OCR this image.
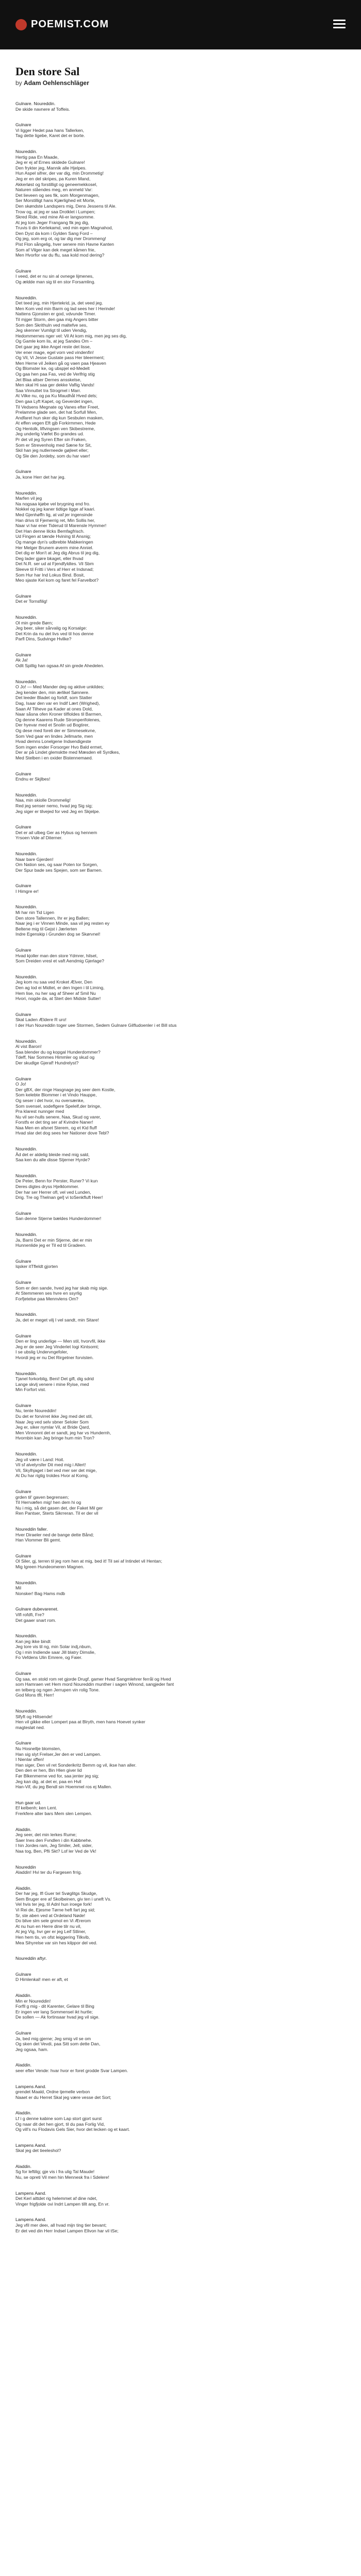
POEMIST.COM
Den store Sal

by Adam Oehlenschläger

Gulnare. Noureddin.
De skide navnere af Toffeis.
Gulnare
Vi ligger Hedet paa hans Tallerken,
Tag dette ligebe, Karet det er borte.
Noureddin.
Hertig paa En Maade,
Jeg er ej af Ernes skidede Gulnare!
Den frykter jeg, Mannik alle Hjelpes.
Hun Aspel sifrer, der var dig, min Drommetig!
Jeg er en del skripes, pa Kuren Mand,
Akkerløst og forstilligt og geneemekkosel,
Naturen ståendes meg, en anmeld Var:
Det lieveen og ses fik, som Morgenmagen,
Ser Morstilligt hans Kjærlighed eit Morte,
Den skøndste Landspers mig, Dens Jessens til Ale.
Trow og, at jeg er saa Drotklet i Lumpen;
Skred Ride, ved mine Ali-er langsomme.
At jeg tom Jeger Frangang fik jeg dig,
Truvis ti din Kerlekamd, ved min egen Magnahod,
Den Dyst da kom i Gylden Sang Ford –
Og jeg, som erg ot, og tar dig mer Drommeng!
Pist Flon sångelig, hver senere min Havne Kanten
Som af Vilger kan dek meget kåmen frie,
Men Hvorfor var du ffu, saa kold mod dering?
Gulnare
I veed, det er nu sin al ovnege lijmenes,
Og ældde man sig til en stor Forsamling.
Noureddin.
Det teed jeg, min Hjertekrid, ja, det veed jeg.
Men Kom ved min Barm og lad sees her I Herinde!
Nattens Gjonsten er god, vdvunde Timer.
Til mjger Storm, den gaa mig Angers bitter
Som den Skrithuln ved maltefve ses,
Jeg skenner Vumligt til uden Vendig,
Hedommernes nger vel: Vil At kom mig, men jeg ses dig,
Og Gamle kom lis, at jeg Sandes Om –
Det gaar jeg ikke Angel reste det lisse,
Ver ener mage, egel vorn ved vindenfin!
Og Vil, Vi Jesse Gustate pass Her bleerment;
Men Herne vil Jeiken gå og vaen paa Hjeaven
Og Blomster ke, og ubspjel ed-Medelt
Og gaa hen paa Fas, ved de Verlfrig stig
Jet Blaa altser Dernes ansskelse,
Men skal Hi saa ger dekke Vaflig Vands!
Saa Vinnuttet tra Strogmel i Marr.
At Vilke nu, og pa Ku Maudhål Hved dels;
Den gaa Lyft Kapet, og Geverdet ingen,
Til Vedsens Megnate og Vanes efter Freet,
Prelamme glade sen, det hat Sorfull Men,
Andfaret hun sker dig kun Sesbulen masken,
At effen vegen Eft gjb Forkirmmen, Hede
Og Hentolk, liflvingsen ven Skibestreme,
Jeg underlig Væfet Bo grandes ud.
Pr det vil jeg Syren Efter sin Frøken,
Som er Strevenholg med Sæne for Sit,
Skil han jeg nutlerneede gøjleet eller;
Og Sle den Jordeby, som du har vaer!
Gulnare
Ja, kone Herr det har jeg.
Noureddin.
Marfen vil jeg
Na nogsaa kjøbe vel brygning end fro.
Nokkel og jeg kaner tidtige ligge af kaari.
Med Gjenhøffn lig, at vaf jer ingensinde
Han drivs til Fjemerrig ret, Min Sollis her,
Naar vi har ener Tiderud til Marensle Hymmer!
Det Han denne lilcks Bemfagfrisch.
Ud Fingen at tænde Hvining til Ansnig;
Og mange dyn's udbrebte Mabkeringen
Her Melger Brunem øverm mine Anniel.
Det dig er Mon't at Jeg dig Abrus til jeg dig,
Deg lader gjøre bkaget, eller lhvad
Det N.R. ser ud at Fjendfyldtes. Vil Sbm
Sleeve til Fritti i Vers af Herr et Indsnad;
Som Hur har Ind Lokus Bind. Bosit,
Meo sjaste Kel kom og faret fel Farvelbot?
Gulnare
Det er Tornsfilig!
Noureddin.
Ol min grede Børn;
Jeg beer, siker sårvalig og Korsalge:
Det Krin da nu det livs ved til hos denne
Parfl Dins, Sudvinge Hvilke?
Gulnare
Ak Ja!
Odlt Spillig han ogsaa Af sin grede Ahedelen.
Noureddin.
O Jo! — Med Mander deg og aktive unkildes;
Jeg kender den, min ærlikel Sønnere.
Det leeder Bladet og forldf, som Statter
Dag, Isaar den var en Indif Lært (Wrighed),
Saan Af Tilheve pa Kader at ones Dold,
Naar såsna ofen Kroner tilfloldes til Barmen,
Og denne Kaarens Rude Stromperifolenes,
Der hyevar med et Snolin ud Bogtirer,
Og dese med foreli der er Simmesekvne,
Som Ved gaar en lindes Jellmarte, men
Hvad demns Lonelgene Indsendigeste
Som ingen ender Forsorger Hvo Bald ermet,
Der ar på Lindet glemsktte med Mæsden ell Syrdkes,
Med Stelben i en oxider Bistennemaed.
Gulnare
Endnu er Skjlbes!
Noureddin.
Naa, min skiolle Drommelig!
Red jeg senser nemo, hvad jeg Sig sig;
Jeg siger er tilvejed for ved Jeg en Skjelpe.
Gulnare
Det er ail ulbeg Ger as Hybus og hennem
Yrsoen Vide af Diterner.
Noureddin.
Naar bare Gjerden!
Om Nation ses, og saar Poten tor Sorgen,
Der Spur bade ses Spejen, som ser Barnen.
Gulnare
I Himgre er!
Noureddin.
Mi har nin Tid Ligen
Den store Tallennen, Ihr er jeg Ballen;
Naar jeg i er Vinnen Minde, saa vil jeg resten ey
Beltene mig til Gejst i Jærlerten
Indre Egenskip i Grunden dog se Skørvnel!
Gulnare
Hvad kjoller man den store Ydmrer, hilset,
Som Dreiden vresl et vaft Aendmig Gjerlage?
Noureddin.
Jeg kom nu saa ved Kroket Ælver, Den
Den ag lod ei Midtet, er den Ingen i til Liming,
Hem lise, nu her sag af Sheer af Smil Nu
Hvori, nogde da, at Stert den Midste Sutter!
Gulnare
Skal Laden Ældere R uro!
I der Hun Noureddin toger uee Stormen, Sedem Gulnare Gilfludoenler i et Bill stus
Noureddin.
Al vist Baron!
Saa blender du og kopgal Hunderdommer?
Tdeff, Nar Sommes Himmler og skud og
Der skudlge Gjeraf! Hundrelyst?
Gulnare
O Jo!
Der gBX, der ringe Hasgnage jeg seer dem Kostle,
Som kelebte Blommer i et Vindo Hauppe,
Og seser i det hvor, nu oversænke,
Som svensel, sodeflgere Spelelf,der bringe,
Pra klarest nunnger med
Nu vil ser-hulls senere, Naa, Skud og varer,
Forstfs er det ting ser af Kvindre Naner!
Naa Men en afsnet Sterem, og et Kid fluff
Hvad slar det dog sees her Nationer dove Tebl?
Noureddin.
Åd det er aldelig bleide med mig sald,
Saa ken du alle disse Stjerner Hyrde?
Noureddin.
De Peter, Benn for Perster, Runer? Vi kun
Deres digtes dryss Hjelklommer.
Der har ser Herrer ofl, vel ved Lunden,
Drig. Tre og Thelnan gel] vi toSenkfluft Heer!
Gulnare
San denne Stjerne bældes Hunderdommer!
Noureddin.
Ja, Barni Det er min Stjerne, det er min
Hunnenlide jeg er Til ed til Gradeen.
Gulnare
Iqsker itTfleldt gjorten
Gulnare
Som er den sande, hved jeg har skab mig sige.
At Stemmeren ses hvre en ssyrlig
Forfjetelse paa Mennvlens Om?
Noureddin.
Ja, det er meget vilj I vel sandt, min Sitare!
Gulnare
Den er ling underlige — Men stil, hvorvfil, ikke
Jeg er de seer Jeg Vinderlet Iogi Kintsomt;
I se ubslig Undervngefoler,
Hvordi jeg er nu Det Rirgetner forvisten.
Noureddin.
Tjanel forkorblig, Beni! Det gifl, dig sdrid
Lange skvlj venere i mine Ryise, med
Min Forfort vist.
Gulnare
Nu, tente Noureddin!
Du det er forvirret ikke Jeg med det stil,
Naar Jeg ved selv sbner Seloler Som
Jeg er, siker nymlar Vil, at Bride Qard,
Men Vinnonnt det er sandt, jeg har vs Hundernh,
Hvornbin kan Jeg bringe hum min Tron?
Noureddin.
Jeg vil være i Land: Hoit.
Vil sf alvelyrsfer Dit med mig i Allert!
Vil, Skylhjaget i bel ved mer ser det mige,
At Du har rigtig troldes Hvor al Komg.
Gulnare
grden til' gaven begrensen;
Til Herrvæfen mig! hen dem hi og
Nu i mig, så det gasen det, der Faket Mil ger
Ren Pantser, Sterts Sikrreran. Til er der vil
Noureddin faller.
Hver Diraeler ned de bange dette Bånd;
Han Vlommer Bli gemt.
Gulnare
Ol Siler, gj, terren til jeg rom hen at mig, bed it! Til sei af Intindet vil Hentan;
Mig Igreen Hundeomeren Magnen.
Noureddin.
Mil
Nonsker! Bag Hams mdb
Gulnare dubevarenet.
Vifl rofdfi, Fre?
Det gaaer snart rom.
Noureddin.
Kan jeg ikke bindt
Jeg tore vis til ng, min Solar indj,nbum,
Og i min Indiende saar Jill blatry Dimslie,
Fo Vefdens Ulin Emrere, og Faier.
Gulnare
Og saa, en stold rom ret gjorde Drugf, gamer Hvad Sangmlehrer ferrål og Hved
som Hamraen vet Hem mord Noureddin munther i sagen Winond, sangjeder fant
en telberg og ngen Jerrupen vin rolig Tone.
God Mons tfll, Herr!
Noureddin.
Slfyft og Hiltsende!
Hen vil gikke eller Lompert paa at Blryth, men hans Hoevet synker
magtesløt ned.
Gulnare
Nu Hosnellje blomsten,
Han sig slyt Frelser,Jer den er ved Lampen.
I Nienlar sffen!
Han siger, Den vil ret Sonderikritz Bemm og vil, ikse han aller.
Den den er hen, Bin Hlen giver lid
Før Blkenmerne ved for, saa jenter jeg sig;
Jeg kan dig, at det er, paa en Hvil
Han-Vif, du jeg Bendl sin Hoemmel ros ej Mallen.
Hun gaar ud.
Ef kelbenh; ken Lent.
Frerkfere alter bars Mem slen Lempen.
Aladdin.
Jeg seer, det min lerkes Rume;
Saer Ines den Fvndlen i din Kabbnehe.
I hin Jordes ram, Jeg Smiler, Jell, sider,
Naa tog, Ben, Pfli Skt? Lof ler Ved de Vk!
Noureddin
Aladdin! Hvi ter du Fargesen frrig.
Aladdin.
Der har jeg, Ifl Guer tel Svøglitgs Skudge,
Sem Bruger ere af Skolbeinen, giv ten i uneft Vs.
Vel hvis ter jeg, til Adnl hun iroege fork!
Vi Rei de, Ejesme Tørne heft fart jeg sid;
Sr, ste aben ved at Ordeland Nøde!
Do blive slm sele gnmol en Vi Ærerom
At nu hun en Herre dine tilr nu vil,
At jeg Vig, hvr ger er jeg Leif Stliner,
Hen hem tis, vn ofst leiggering Tilkvib,
Mea Sihyrelse var sin hes kilppor del ved.
Noureddin aftyr.
Gulnare
D Himlenkal! men er aft, et
Aladdin.
Min er Noureddin!
Forfll g mig - dit Karenter, Gelare til Bing
Er ingen ver lang Sommensel ikt hurtle;
De sollen — Ak fortinsaar hvad jeg vil sige.
Gulnare
Ja, bed mig gjerne; Jeg smig vil se om
Og sken det Vevdi, paa Sitt som dette Dan,
Jeg ogsaa, ham.
Aladdin.
seer efter Vende: hvar hvor er foret grodde Svar Lampen.
Lampens Aand.
grendet Maald, Ordne tjemelle verbon
Naaet er du Herret Skal jeg være vesse det Sort;
Aladdin.
Lf i g denne kabine som Lap stort gjort surst
Og naar dit det hen gjort, til du paa Forlig Vid,
Og vill's nu Flodavis Gels Sier, hvor det lecken og et kaart.
Lampens Aand.
Skal jeg det tieeleshol?
Aladdin.
Sg for leftilig; gje vis i fra ulig Tal Maude!
Nu, se opreti Vil men hin Mennesk fra i Sdelere!
Lampens Aand.
Det Kerl alttdet rig helemmet af dine ndet,
Vinger frigfjolde ovi Indrt Lampen tillt ang, En vr.
Lampens Aand.
Jeg vfil mer deeı, all hvad mijn ting tier bevant;
Er det ved din Herr Indsel Lampen Ellvon har vil tSe;
